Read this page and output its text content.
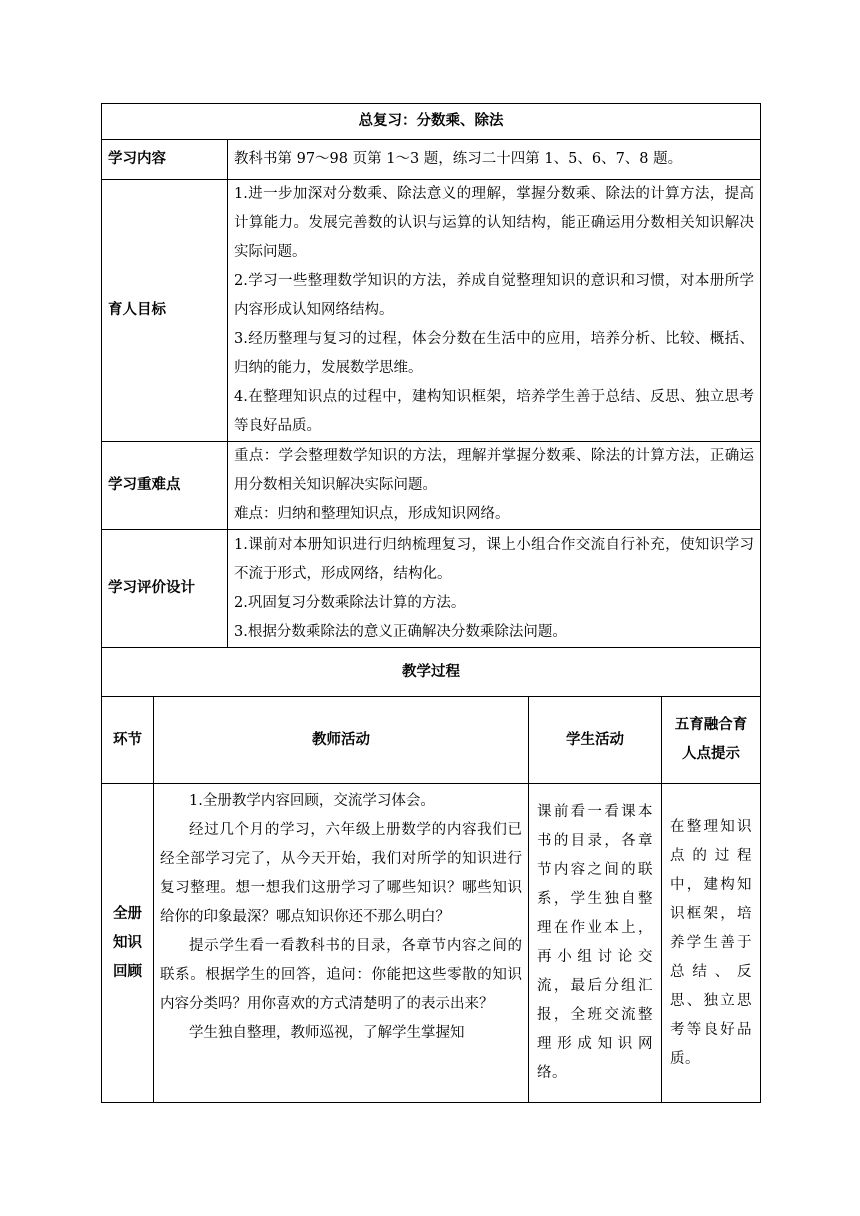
总复习：分数乘、除法				
学习内容		教科书第 97～98 页第 1～3 题，练习二十四第 1、5、6、7、8 题。		
育人目标		1.进一步加深对分数乘、除法意义的理解，掌握分数乘、除法的计算方法，提高计算能力。发展完善数的认识与运算的认知结构，能正确运用分数相关知识解决实际问题。

2.学习一些整理数学知识的方法，养成自觉整理知识的意识和习惯，对本册所学内容形成认知网络结构。

3.经历整理与复习的过程，体会分数在生活中的应用，培养分析、比较、概括、归纳的能力，发展数学思维。

4.在整理知识点的过程中，建构知识框架，培养学生善于总结、反思、独立思考等良好品质。		

学习重难点		重点：学会整理数学知识的方法，理解并掌握分数乘、除法的计算方法，正确运用分数相关知识解决实际问题。

难点：归纳和整理知识点，形成知识网络。		

学习评价设计		1.课前对本册知识进行归纳梳理复习，课上小组合作交流自行补充，使知识学习不流于形式，形成网络，结构化。

2.巩固复习分数乘除法计算的方法。

3.根据分数乘除法的意义正确解决分数乘除法问题。		

教学过程				
环节	教师活动		学生活动	五育融合育人点提示
全册知识回顾	1.全册教学内容回顾，交流学习体会。

经过几个月的学习，六年级上册数学的内容我们已经全部学习完了，从今天开始，我们对所学的知识进行复习整理。想一想我们这册学习了哪些知识？哪些知识给你的印象最深？哪点知识你还不那么明白？

提示学生看一看教科书的目录，各章节内容之间的联系。根据学生的回答，追问：你能把这些零散的知识内容分类吗？用你喜欢的方式清楚明了的表示出来？

学生独自整理，教师巡视，了解学生掌握知		课前看一看课本书的目录，各章节内容之间的联系，学生独自整理在作业本上，再小组讨论交流，最后分组汇报，全班交流整理形成知识网络。	在整理知识点的过程中，建构知识框架，培养学生善于总结、反思、独立思考等良好品质。
